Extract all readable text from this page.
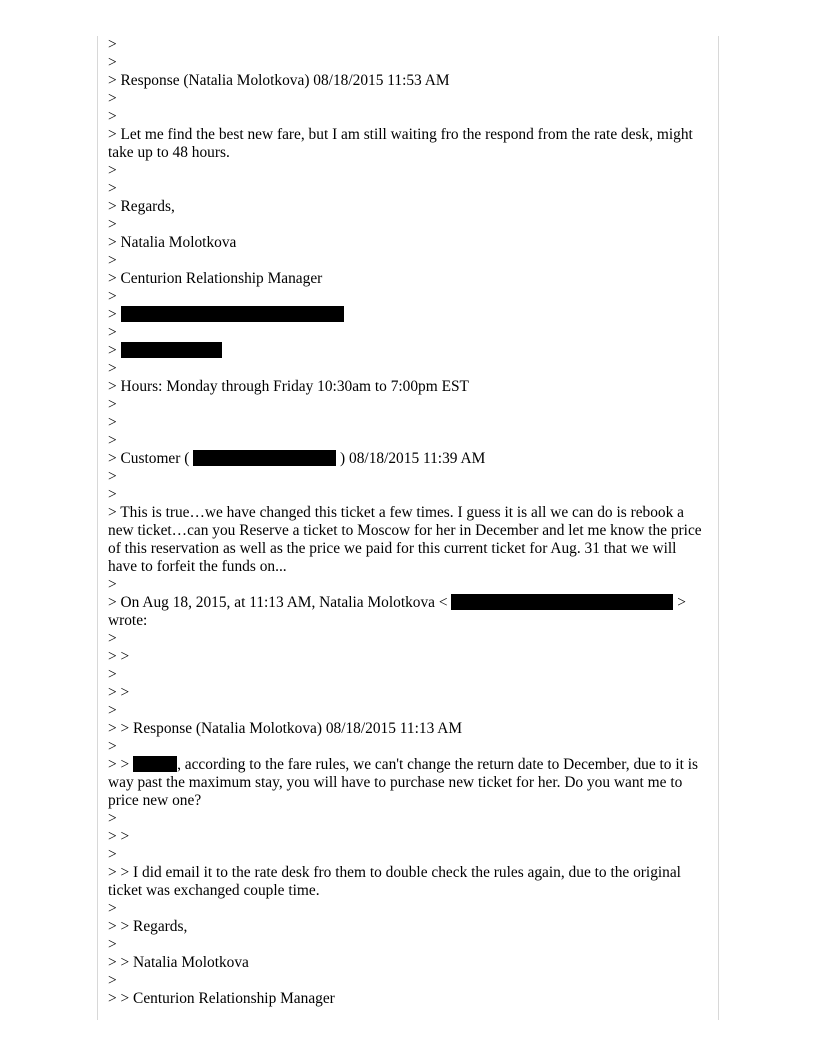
>
>
> Response (Natalia Molotkova) 08/18/2015 11:53 AM
>
>
> Let me find the best new fare, but I am still waiting fro the respond from the rate desk, might take up to 48 hours.
>
>
> Regards,
>
> Natalia Molotkova
>
> Centurion Relationship Manager
>
>
>
>
>
> Hours: Monday through Friday 10:30am to 7:00pm EST
>
>
>
> Customer (	) 08/18/2015 11:39 AM
>
>
> This is true…we have changed this ticket a few times. I guess it is all we can do is rebook a new ticket…can you Reserve a ticket to Moscow for her in December and let me know the price of this reservation as well as the price we paid for this current ticket for Aug. 31 that we will have to forfeit the funds on...
>
> On Aug 18, 2015, at 11:13 AM, Natalia Molotkova <	> wrote:
>
> >
>
> >
>
> > Response (Natalia Molotkova) 08/18/2015 11:13 AM
>
> >	, according to the fare rules, we can't change the return date to December, due to it is way past the maximum stay, you will have to purchase new ticket for her. Do you want me to price new one?
>
> >
>
> > I did email it to the rate desk fro them to double check the rules again, due to the original ticket was exchanged couple time.
>
> > Regards,
>
> > Natalia Molotkova
>
> > Centurion Relationship Manager
